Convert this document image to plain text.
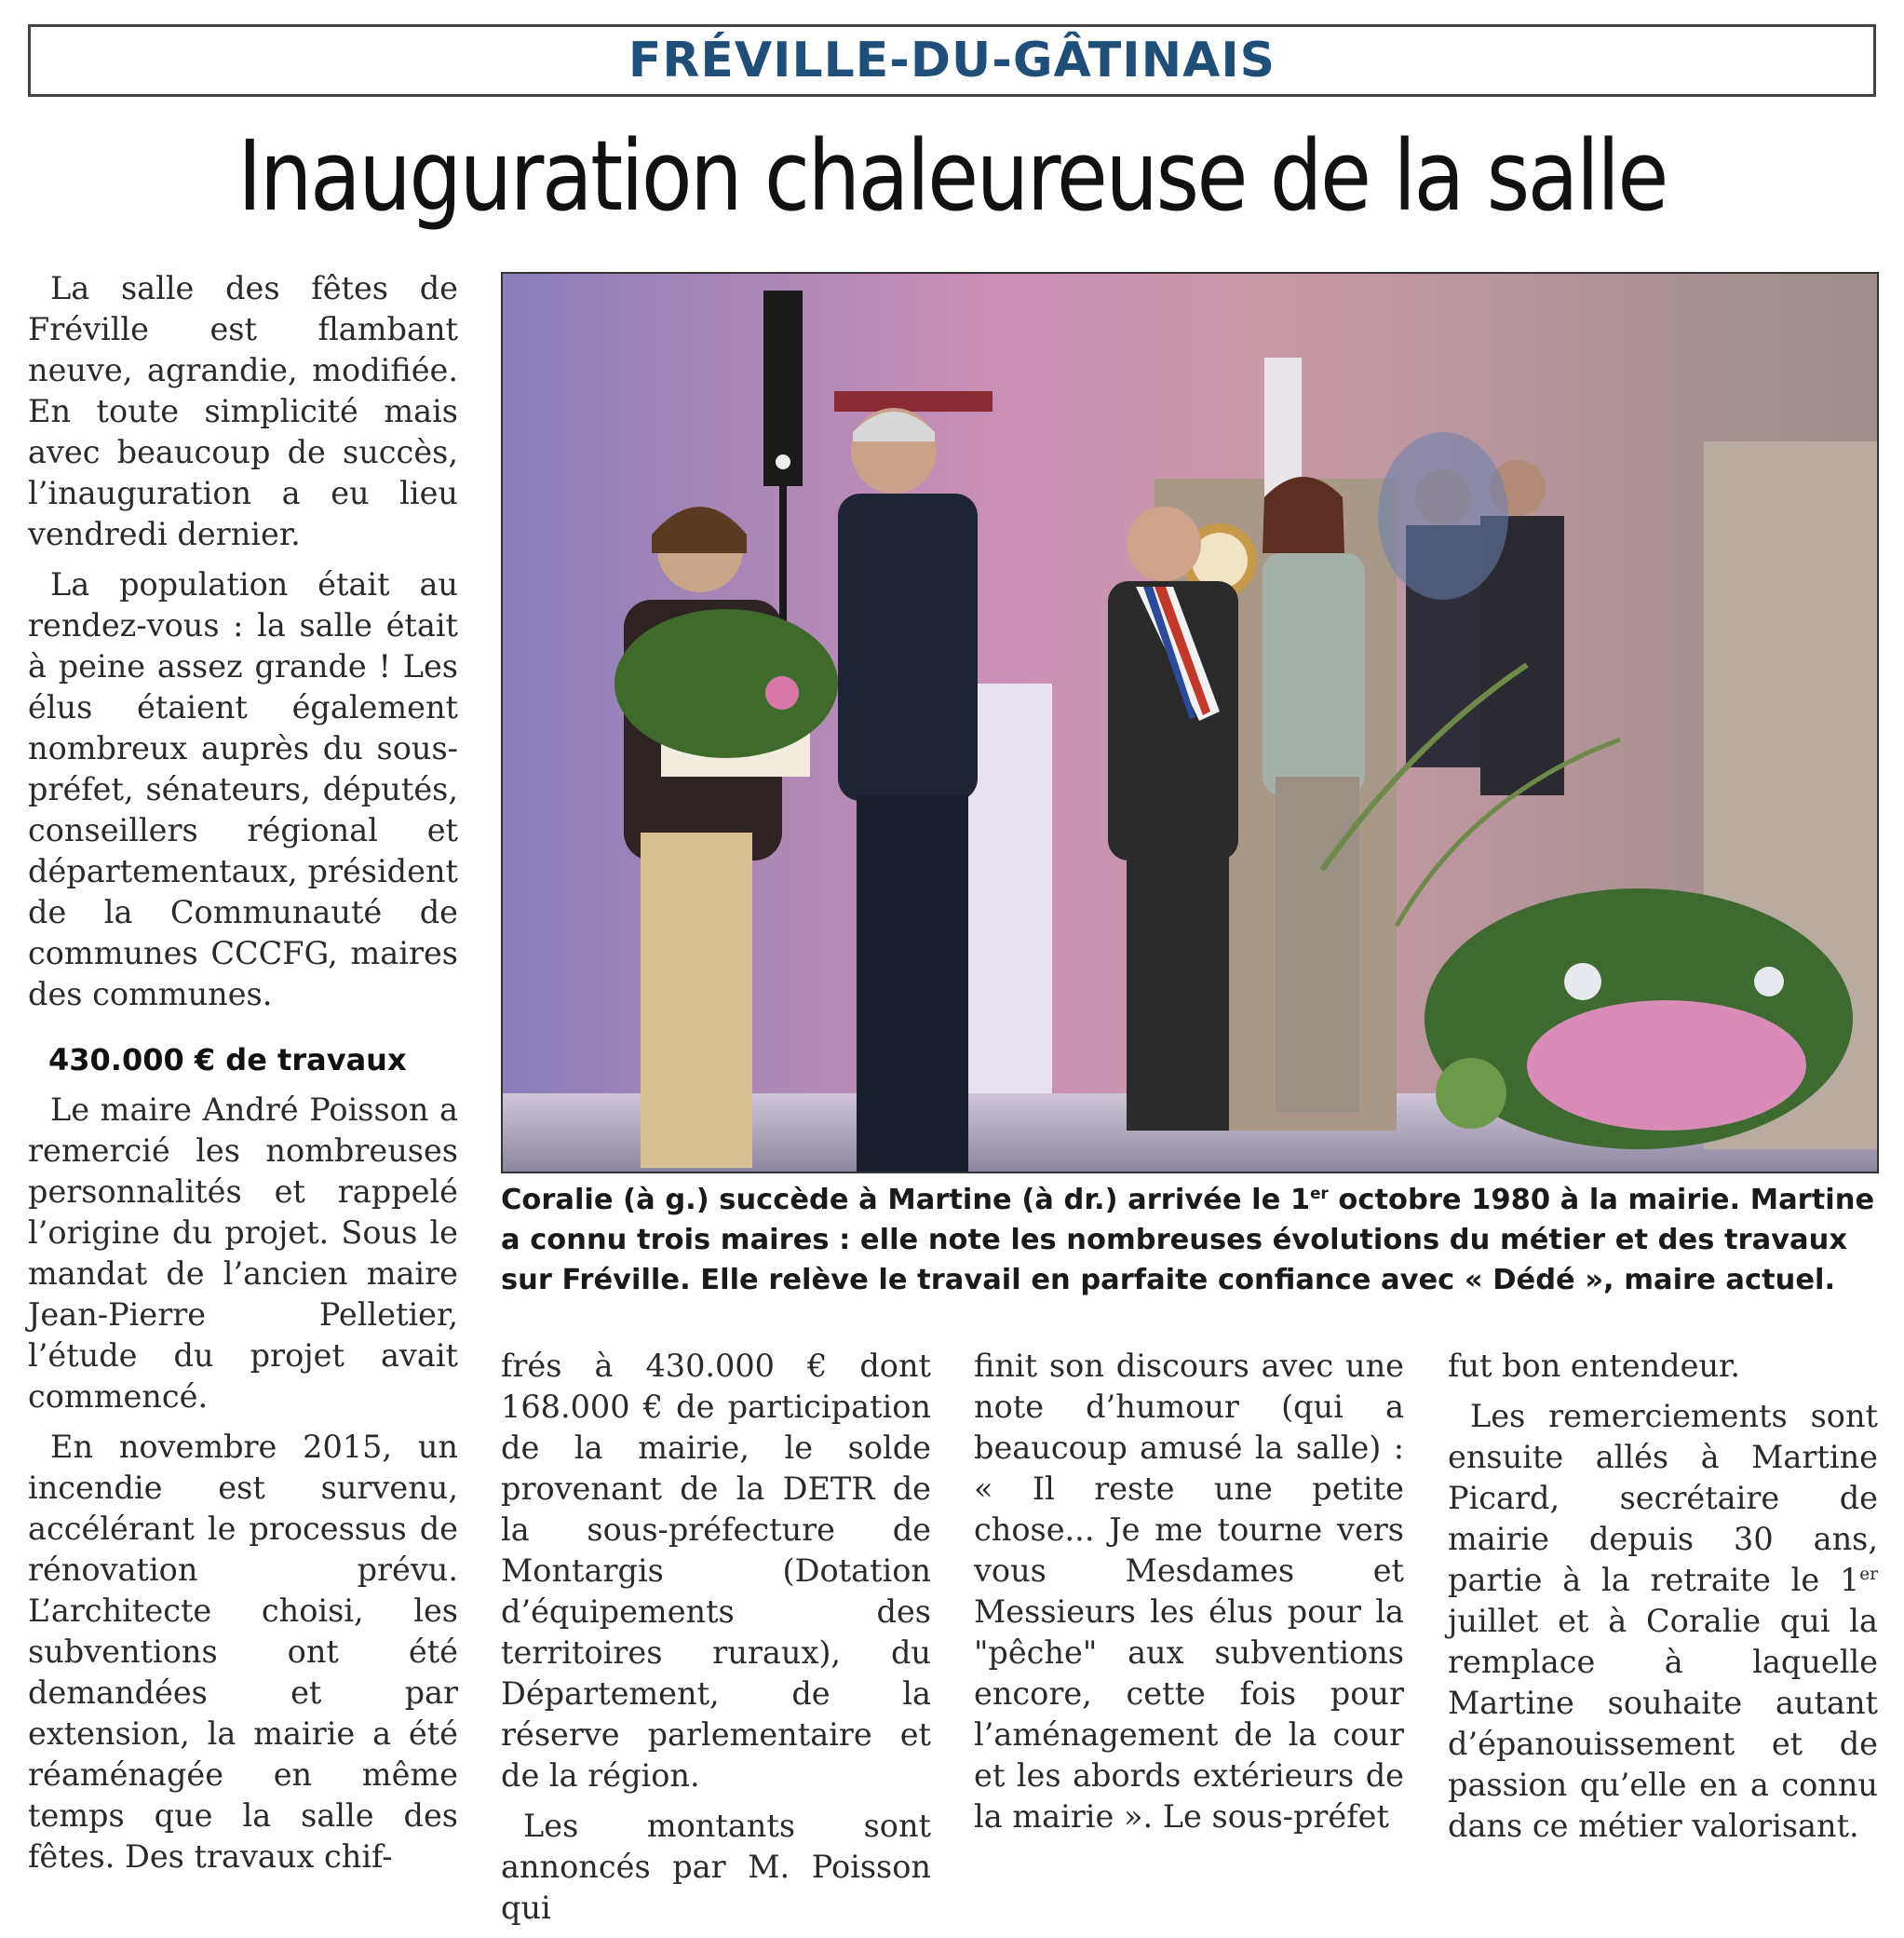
FRÉVILLE-DU-GÂTINAIS
Inauguration chaleureuse de la salle

La salle des fêtes de Fréville est flambant neuve, agrandie, modifiée. En toute simplicité mais avec beaucoup de succès, l’inauguration a eu lieu vendredi dernier.

La population était au rendez-vous : la salle était à peine assez grande ! Les élus étaient également nombreux auprès du sous-préfet, sénateurs, députés, conseillers régional et départementaux, président de la Communauté de communes CCCFG, maires des communes.

430.000 € de travaux

Le maire André Poisson a remercié les nombreuses personnalités et rappelé l’origine du projet. Sous le mandat de l’ancien maire Jean-Pierre Pelletier, l’étude du projet avait commencé.

En novembre 2015, un incendie est survenu, accélérant le processus de rénovation prévu. L’architecte choisi, les subventions ont été demandées et par extension, la mairie a été réaménagée en même temps que la salle des fêtes. Des travaux chif-

Coralie (à g.) succède à Martine (à dr.) arrivée le 1er octobre 1980 à la mairie. Martine a connu trois maires : elle note les nombreuses évolutions du métier et des travaux sur Fréville. Elle relève le travail en parfaite confiance avec « Dédé », maire actuel.

frés à 430.000 € dont 168.000 € de participation de la mairie, le solde provenant de la DETR de la sous-préfecture de Montargis (Dotation d’équipements des territoires ruraux), du Département, de la réserve parlementaire et de la région.

Les montants sont annoncés par M. Poisson qui

finit son discours avec une note d’humour (qui a beaucoup amusé la salle) : « Il reste une petite chose... Je me tourne vers vous Mesdames et Messieurs les élus pour la "pêche" aux subventions encore, cette fois pour l’aménagement de la cour et les abords extérieurs de la mairie ». Le sous-préfet

fut bon entendeur.

Les remerciements sont ensuite allés à Martine Picard, secrétaire de mairie depuis 30 ans, partie à la retraite le 1er juillet et à Coralie qui la remplace à laquelle Martine souhaite autant d’épanouissement et de passion qu’elle en a connu dans ce métier valorisant.
